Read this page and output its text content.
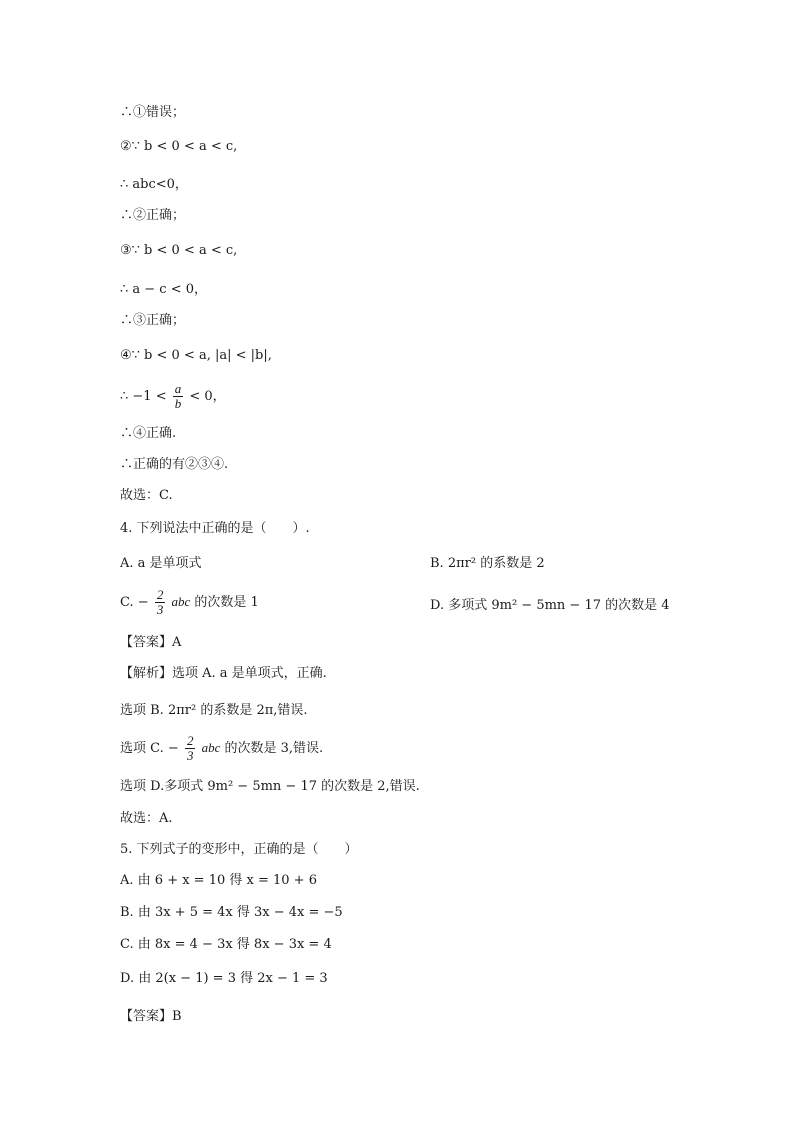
∴①错误；
②∵ b < 0 < a < c,
∴ abc<0，
∴②正确；
③∵ b < 0 < a < c,
∴ a − c < 0，
∴③正确；
④∵ b < 0 < a, |a| < |b|,
∴ $-1 < \frac{a}{b} < 0$，
∴④正确.
∴正确的有②③④.
故选：C.
4. 下列说法中正确的是（　　）.
A. a 是单项式	B. 2πr² 的系数是 2
C. − $\frac{2}{3}$ abc 的次数是 1	D. 多项式 9m² − 5mn − 17 的次数是 4
【答案】A
【解析】选项 A. a 是单项式，正确.
选项 B. 2πr² 的系数是 2π,错误.
选项 C. − $\frac{2}{3}$ abc 的次数是 3,错误.
选项 D.多项式 9m² − 5mn − 17 的次数是 2,错误.
故选：A.
5. 下列式子的变形中，正确的是（　　）
A. 由 6 + x = 10 得 x = 10 + 6
B. 由 3x + 5 = 4x 得 3x − 4x = −5
C. 由 8x = 4 − 3x 得 8x − 3x = 4
D. 由 2(x − 1) = 3 得 2x − 1 = 3
【答案】B
